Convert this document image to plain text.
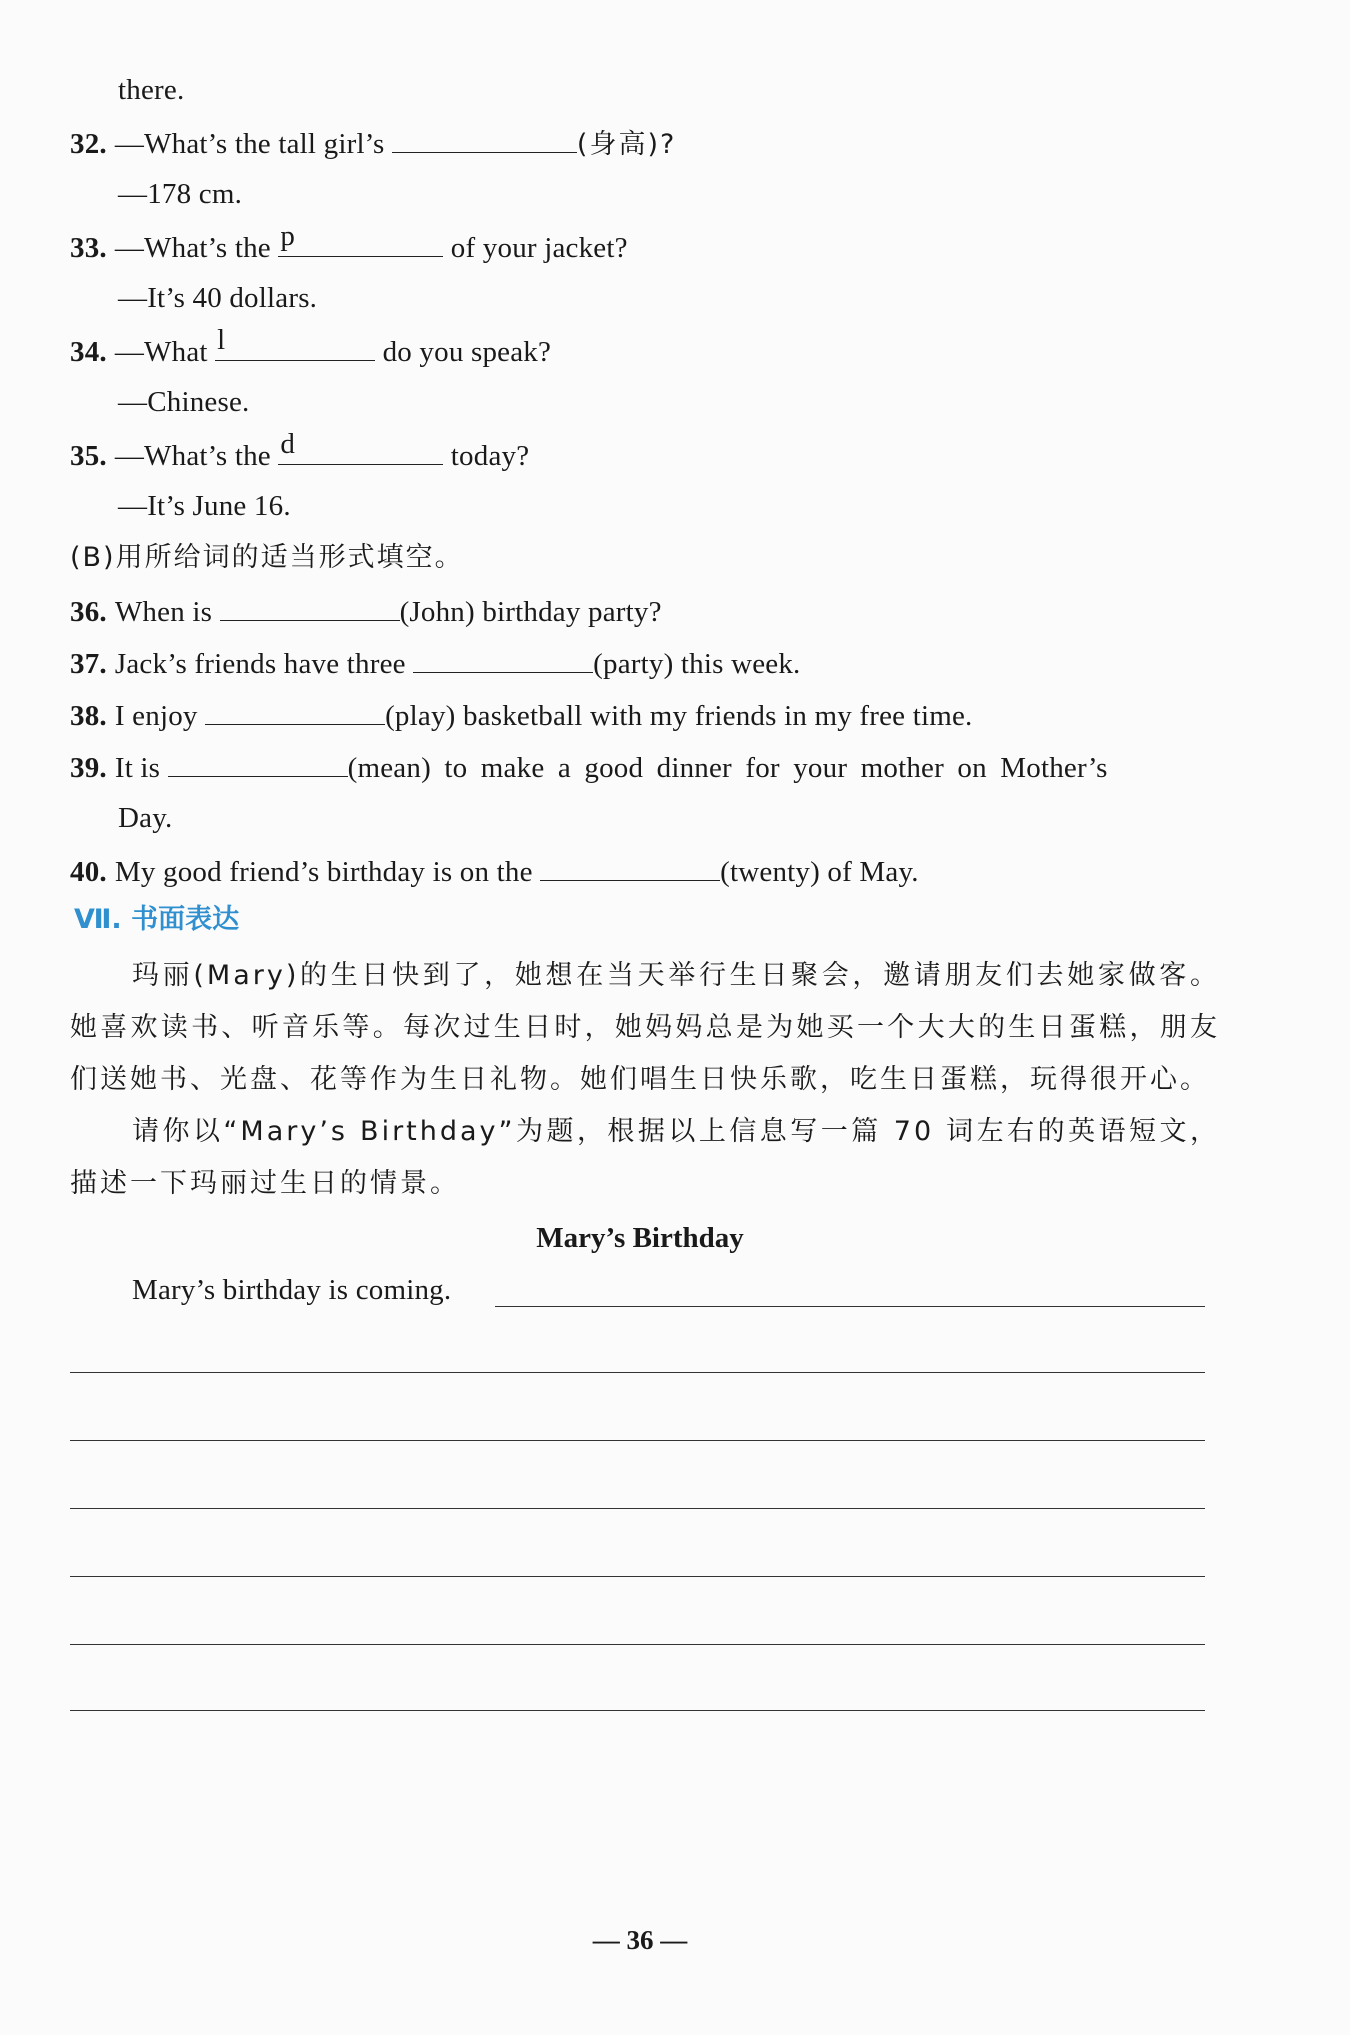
there.
32. —What’s the tall girl’s	(身高)?
—178 cm.
33. —What’s the p	of your jacket?
—It’s 40 dollars.
34. —What l	do you speak?
—Chinese.
35. —What’s the d	today?
—It’s June 16.
(B)用所给词的适当形式填空。
36. When is	(John) birthday party?
37. Jack’s friends have three	(party) this week.
38. I enjoy	(play) basketball with my friends in my free time.
39. It is	(mean) to make a good dinner for your mother on Mother’s
Day.
40. My good friend’s birthday is on the	(twenty) of May.
Ⅶ. 书面表达
玛丽(Mary)的生日快到了，她想在当天举行生日聚会，邀请朋友们去她家做客。她喜欢读书、听音乐等。每次过生日时，她妈妈总是为她买一个大大的生日蛋糕，朋友们送她书、光盘、花等作为生日礼物。她们唱生日快乐歌，吃生日蛋糕，玩得很开心。
请你以“Mary’s Birthday”为题，根据以上信息写一篇 70 词左右的英语短文，描述一下玛丽过生日的情景。
Mary’s Birthday
Mary’s birthday is coming.
— 36 —
